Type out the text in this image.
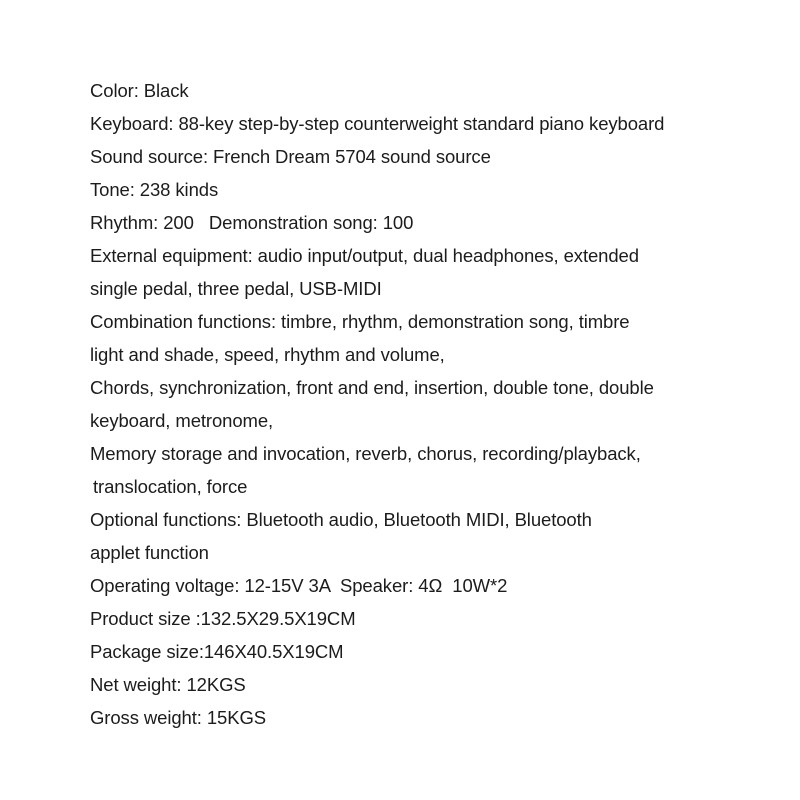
Color: Black
Keyboard: 88-key step-by-step counterweight standard piano keyboard
Sound source: French Dream 5704 sound source
Tone: 238 kinds
Rhythm: 200   Demonstration song: 100
External equipment: audio input/output, dual headphones, extended
single pedal, three pedal, USB-MIDI
Combination functions: timbre, rhythm, demonstration song, timbre
light and shade, speed, rhythm and volume,
Chords, synchronization, front and end, insertion, double tone, double
keyboard, metronome,
Memory storage and invocation, reverb, chorus, recording/playback,
translocation, force
Optional functions: Bluetooth audio, Bluetooth MIDI, Bluetooth
applet function
Operating voltage: 12-15V 3A  Speaker: 4Ω  10W*2
Product size :132.5X29.5X19CM
Package size:146X40.5X19CM
Net weight: 12KGS
Gross weight: 15KGS
